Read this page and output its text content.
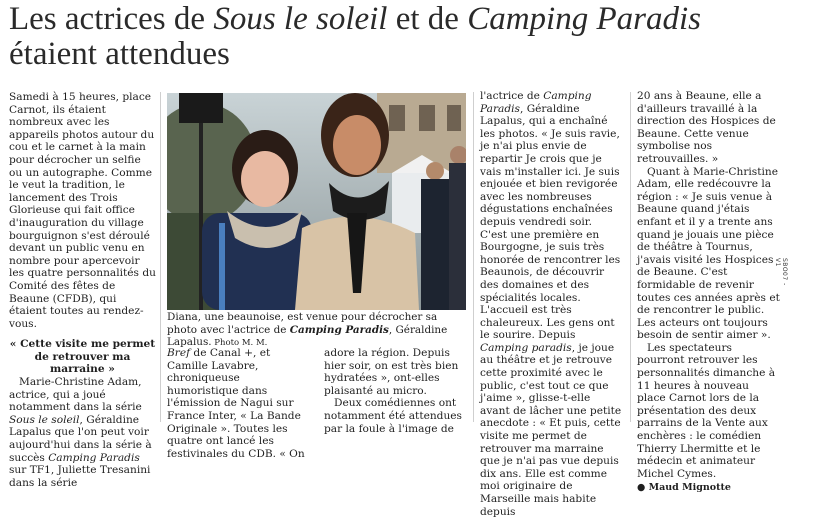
Les actrices de Sous le soleil et de Camping Paradis
étaient attendues

Samedi à 15 heures, place Carnot, ils étaient nombreux avec les appareils photos autour du cou et le carnet à la main pour décrocher un selfie ou un autographe. Comme le veut la tradition, le lancement des Trois Glorieuse qui fait office d'inauguration du village bourguignon s'est déroulé devant un public venu en nombre pour apercevoir les quatre personnalités du Comité des fêtes de Beaune (CFDB), qui étaient toutes au rendez-vous.

« Cette visite me permet de retrouver ma marraine »

Marie-Christine Adam, actrice, qui a joué notamment dans la série Sous le soleil, Géraldine Lapalus que l'on peut voir aujourd'hui dans la série à succès Camping Paradis sur TF1, Juliette Tresanini dans la série

Diana, une beaunoise, est venue pour décrocher sa photo avec l'actrice de Camping Paradis, Géraldine Lapalus. Photo M. M.

Bref de Canal +, et Camille Lavabre, chroniqueuse humoristique dans l'émission de Nagui sur France Inter, « La Bande Originale ». Toutes les quatre ont lancé les festivinales du CDB. « On

adore la région. Depuis hier soir, on est très bien hydratées », ont-elles plaisanté au micro.

Deux comédiennes ont notamment été attendues par la foule à l'image de

l'actrice de Camping Paradis, Géraldine Lapalus, qui a enchaîné les photos. « Je suis ravie, je n'ai plus envie de repartir Je crois que je vais m'installer ici. Je suis enjouée et bien revigorée avec les nombreuses dégustations enchaînées depuis vendredi soir. C'est une première en Bourgogne, je suis très honorée de rencontrer les Beaunois, de découvrir des domaines et des spécialités locales. L'accueil est très chaleureux. Les gens ont le sourire. Depuis Camping paradis, je joue au théâtre et je retrouve cette proximité avec le public, c'est tout ce que j'aime », glisse-t-elle avant de lâcher une petite anecdote : « Et puis, cette visite me permet de retrouver ma marraine que je n'ai pas vue depuis dix ans. Elle est comme moi originaire de Marseille mais habite depuis

20 ans à Beaune, elle a d'ailleurs travaillé à la direction des Hospices de Beaune. Cette venue symbolise nos retrouvailles. »

Quant à Marie-Christine Adam, elle redécouvre la région : « Je suis venue à Beaune quand j'étais enfant et il y a trente ans quand je jouais une pièce de théâtre à Tournus, j'avais visité les Hospices de Beaune. C'est formidable de revenir toutes ces années après et de rencontrer le public. Les acteurs ont toujours besoin de sentir aimer ».

Les spectateurs pourront retrouver les personnalités dimanche à 11 heures à nouveau place Carnot lors de la présentation des deux parrains de la Vente aux enchères : le comédien Thierry Lhermitte et le médecin et animateur Michel Cymes.

● Maud Mignotte

SBO07 - V1
